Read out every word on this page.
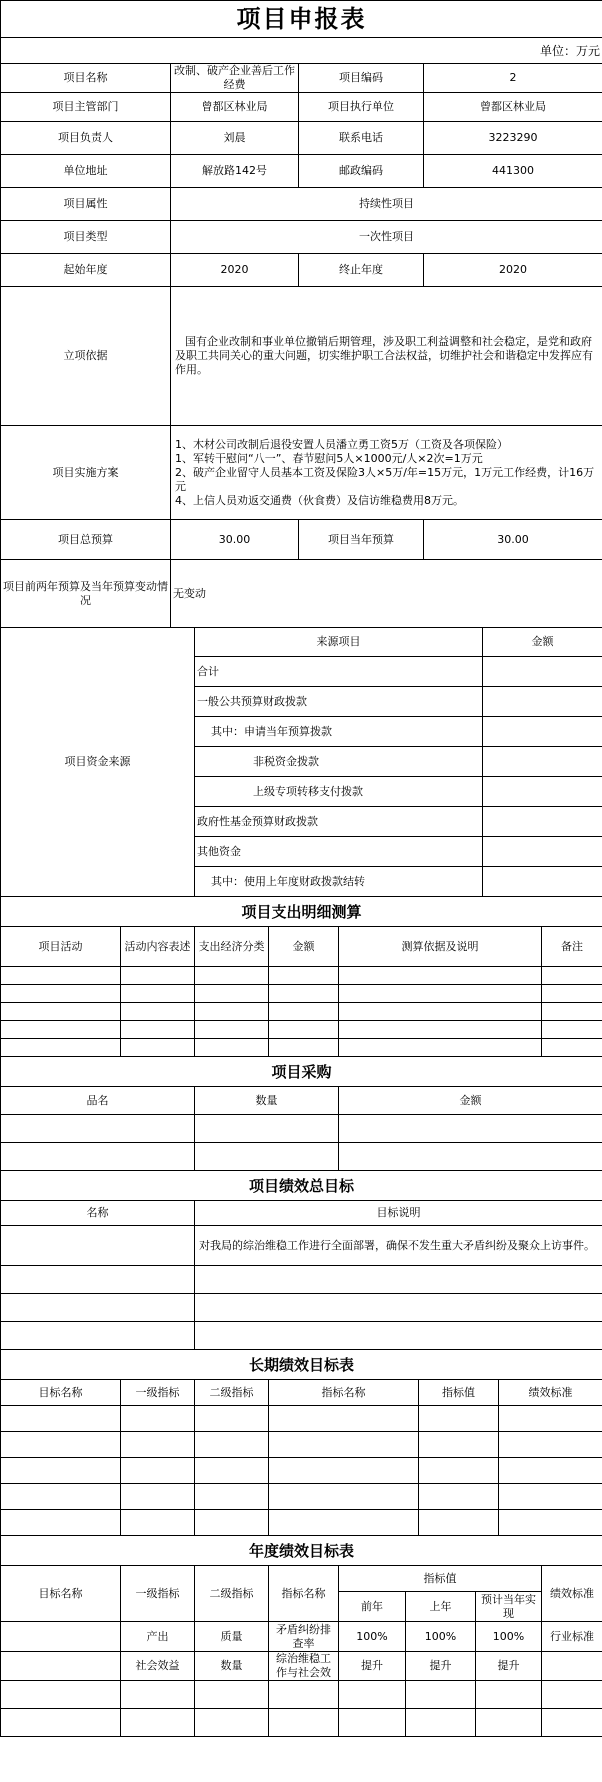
项目申报表			
单位：万元			
项目名称	改制、破产企业善后工作经费	项目编码	2
项目主管部门	曾都区林业局	项目执行单位	曾都区林业局
项目负责人	刘晨	联系电话	3223290
单位地址	解放路142号	邮政编码	441300
项目属性	持续性项目		
项目类型	一次性项目		
起始年度	2020	终止年度	2020
立项依据	国有企业改制和事业单位撤销后期管理，涉及职工利益调整和社会稳定，是党和政府及职工共同关心的重大问题，切实维护职工合法权益，切维护社会和谐稳定中发挥应有作用。		
项目实施方案	1、木材公司改制后退役安置人员潘立勇工资5万（工资及各项保险）
1、军转干慰问“八一”、春节慰问5人×1000元/人×2次=1万元
2、破产企业留守人员基本工资及保险3人×5万/年=15万元，1万元工作经费，计16万元
4、上信人员劝返交通费（伙食费）及信访维稳费用8万元。		

项目总预算	30.00	项目当年预算	30.00
项目前两年预算及当年预算变动情况	无变动		
项目资金来源	来源项目	金额
	合计	
	一般公共预算财政拨款	
	其中：申请当年预算拨款	
	非税资金拨款	
	上级专项转移支付拨款	
	政府性基金预算财政拨款	
	其他资金	
	其中：使用上年度财政拨款结转	
项目支出明细测算					
项目活动	活动内容表述	支出经济分类	金额	测算依据及说明	备注

项目采购		
品名	数量	金额

项目绩效总目标	
名称	目标说明
	对我局的综治维稳工作进行全面部署，确保不发生重大矛盾纠纷及聚众上访事件。

长期绩效目标表					
目标名称	一级指标	二级指标	指标名称	指标值	绩效标准

年度绩效目标表							
目标名称	一级指标	二级指标	指标名称	指标值			绩效标准
				前年	上年	预计当年实现	
	产出	质量	矛盾纠纷排查率	100%	100%	100%	行业标准
	社会效益	数量	综治维稳工作与社会效	提升	提升	提升	
